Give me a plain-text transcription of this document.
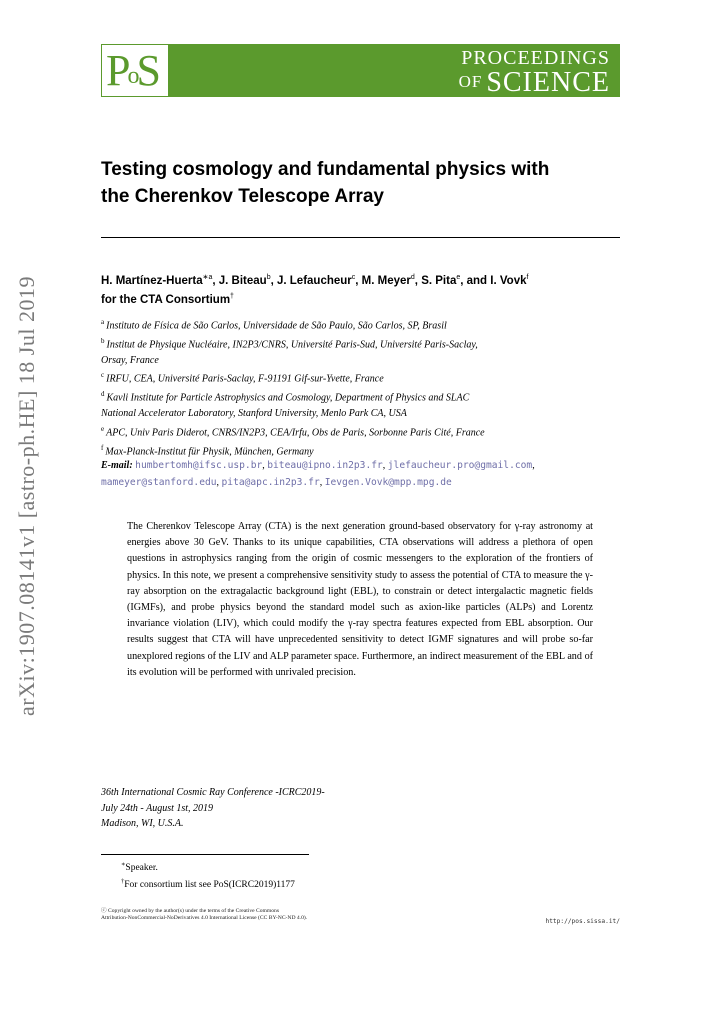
PoS	PROCEEDINGS
OF SCIENCE
arXiv:1907.08141v1 [astro-ph.HE] 18 Jul 2019
Testing cosmology and fundamental physics with
the Cherenkov Telescope Array
H. Martínez-Huerta$^{∗a}$, J. Biteau$^b$, J. Lefaucheur$^c$, M. Meyer$^d$, S. Pita$^e$, and I. Vovk$^f$
for the CTA Consortium†
$^a$ Instituto de Física de São Carlos, Universidade de São Paulo, São Carlos, SP, Brasil
$^b$ Institut de Physique Nucléaire, IN2P3/CNRS, Université Paris-Sud, Université Paris-Saclay,
Orsay, France
$^c$ IRFU, CEA, Université Paris-Saclay, F-91191 Gif-sur-Yvette, France
$^d$ Kavli Institute for Particle Astrophysics and Cosmology, Department of Physics and SLAC
National Accelerator Laboratory, Stanford University, Menlo Park CA, USA
$^e$ APC, Univ Paris Diderot, CNRS/IN2P3, CEA/Irfu, Obs de Paris, Sorbonne Paris Cité, France
$^f$ Max-Planck-Institut für Physik, München, Germany
E-mail: humbertomh@ifsc.usp.br, biteau@ipno.in2p3.fr, jlefaucheur.pro@gmail.com, mameyer@stanford.edu, pita@apc.in2p3.fr, Ievgen.Vovk@mpp.mpg.de
The Cherenkov Telescope Array (CTA) is the next generation ground-based observatory for γ-ray astronomy at energies above 30 GeV. Thanks to its unique capabilities, CTA observations will address a plethora of open questions in astrophysics ranging from the origin of cosmic messengers to the exploration of the frontiers of physics. In this note, we present a comprehensive sensitivity study to assess the potential of CTA to measure the γ-ray absorption on the extragalactic background light (EBL), to constrain or detect intergalactic magnetic fields (IGMFs), and probe physics beyond the standard model such as axion-like particles (ALPs) and Lorentz invariance violation (LIV), which could modify the γ-ray spectra features expected from EBL absorption. Our results suggest that CTA will have unprecedented sensitivity to detect IGMF signatures and will probe so-far unexplored regions of the LIV and ALP parameter space. Furthermore, an indirect measurement of the EBL and of its evolution will be performed with unrivaled precision.
36th International Cosmic Ray Conference -ICRC2019-
July 24th - August 1st, 2019
Madison, WI, U.S.A.
∗Speaker.
†For consortium list see PoS(ICRC2019)1177
ⓒ Copyright owned by the author(s) under the terms of the Creative Commons
Attribution-NonCommercial-NoDerivatives 4.0 International License (CC BY-NC-ND 4.0).	http://pos.sissa.it/
